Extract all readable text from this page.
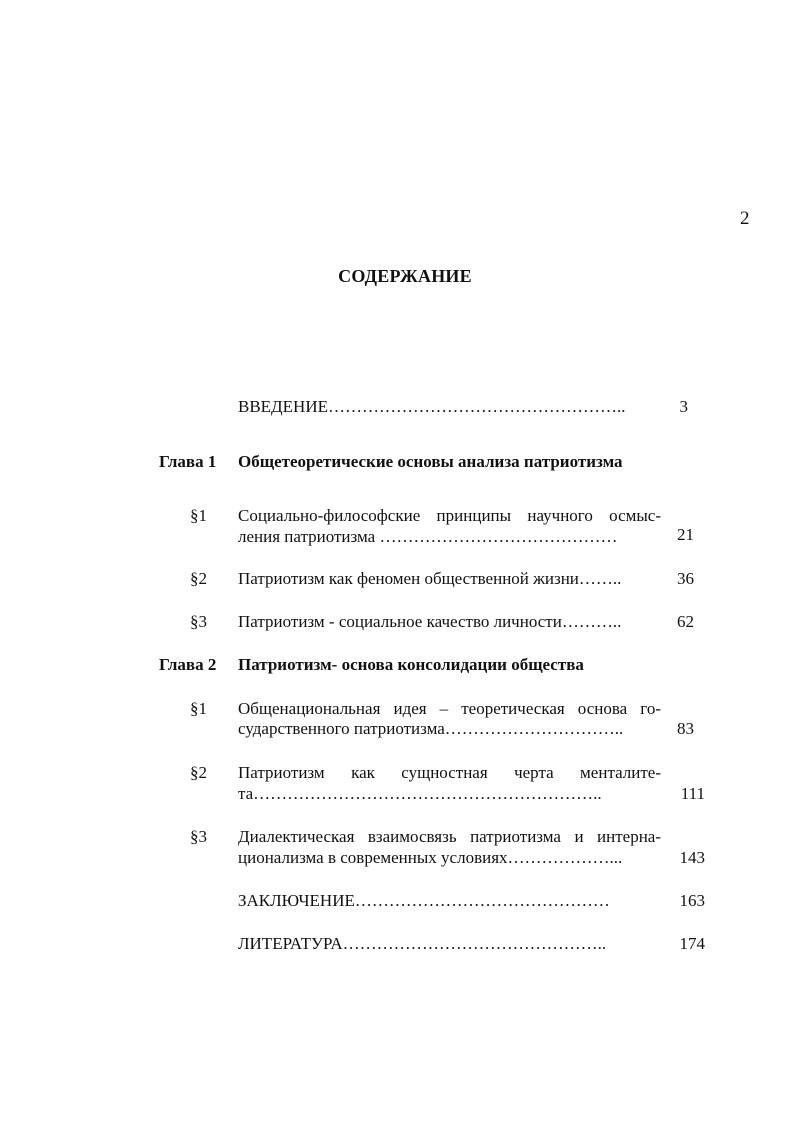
2
СОДЕРЖАНИЕ
ВВЕДЕНИЕ……………………………………………..	3
Глава 1 Общетеоретические основы анализа патриотизма
§1 Социально-философские принципы научного осмыс-
ления патриотизма ……………………………………	21
§2 Патриотизм как феномен общественной жизни……..	36
§3 Патриотизм - социальное качество личности………..	62
Глава 2 Патриотизм- основа консолидации общества
§1 Общенациональная идея – теоретическая основа го-
сударственного патриотизма…………………………..	83
§2 Патриотизм как сущностная черта менталите-
та……………………………………………………..	111
§3 Диалектическая взаимосвязь патриотизма и интерна-
ционализма в современных условиях………………...	143
ЗАКЛЮЧЕНИЕ………………………………………	163
ЛИТЕРАТУРА………………………………………..	174
